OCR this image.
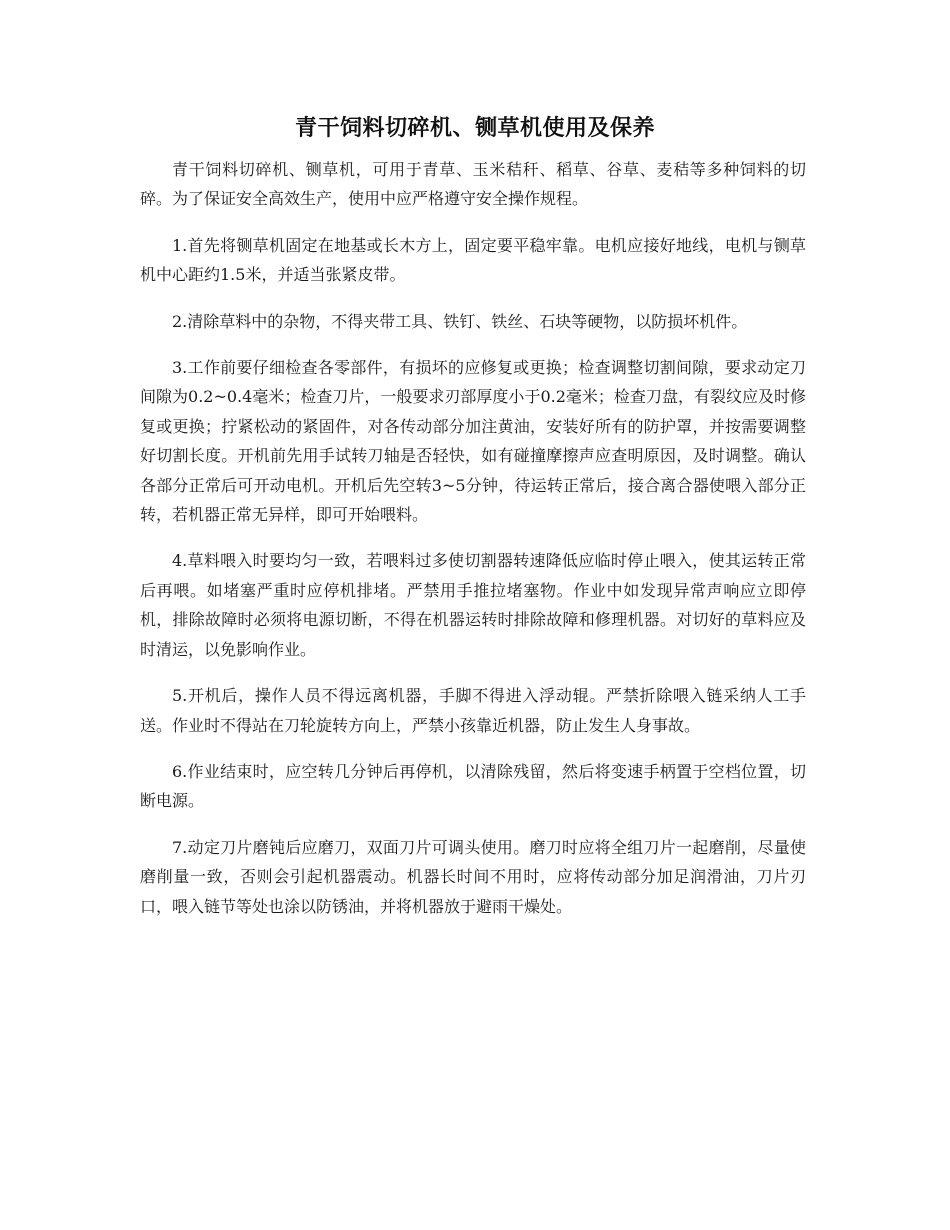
青干饲料切碎机、铡草机使用及保养

青干饲料切碎机、铡草机，可用于青草、玉米秸秆、稻草、谷草、麦秸等多种饲料的切碎。为了保证安全高效生产，使用中应严格遵守安全操作规程。

1.首先将铡草机固定在地基或长木方上，固定要平稳牢靠。电机应接好地线，电机与铡草机中心距约1.5米，并适当张紧皮带。

2.清除草料中的杂物，不得夹带工具、铁钉、铁丝、石块等硬物，以防损坏机件。

3.工作前要仔细检查各零部件，有损坏的应修复或更换；检查调整切割间隙，要求动定刀间隙为0.2~0.4毫米；检查刀片，一般要求刃部厚度小于0.2毫米；检查刀盘，有裂纹应及时修复或更换；拧紧松动的紧固件，对各传动部分加注黄油，安装好所有的防护罩，并按需要调整好切割长度。开机前先用手试转刀轴是否轻快，如有碰撞摩擦声应查明原因，及时调整。确认各部分正常后可开动电机。开机后先空转3~5分钟，待运转正常后，接合离合器使喂入部分正转，若机器正常无异样，即可开始喂料。

4.草料喂入时要均匀一致，若喂料过多使切割器转速降低应临时停止喂入，使其运转正常后再喂。如堵塞严重时应停机排堵。严禁用手推拉堵塞物。作业中如发现异常声响应立即停机，排除故障时必须将电源切断，不得在机器运转时排除故障和修理机器。对切好的草料应及时清运，以免影响作业。

5.开机后，操作人员不得远离机器，手脚不得进入浮动辊。严禁折除喂入链采纳人工手送。作业时不得站在刀轮旋转方向上，严禁小孩靠近机器，防止发生人身事故。

6.作业结束时，应空转几分钟后再停机，以清除残留，然后将变速手柄置于空档位置，切断电源。

7.动定刀片磨钝后应磨刀，双面刀片可调头使用。磨刀时应将全组刀片一起磨削，尽量使磨削量一致，否则会引起机器震动。机器长时间不用时，应将传动部分加足润滑油，刀片刃口，喂入链节等处也涂以防锈油，并将机器放于避雨干燥处。
